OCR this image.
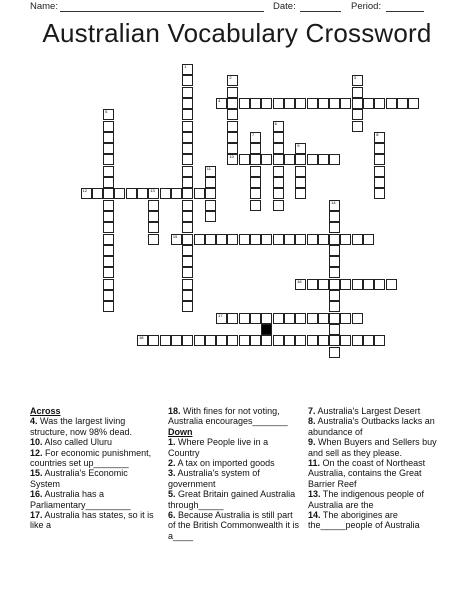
Name:	Date:	Period:
Australian Vocabulary Crossword
1
2	3
4
5
6
7	8
9
10
11
12	13
14
15
16
17
18
Across
4. Was the largest living structure, now 98% dead.
10. Also called Uluru
12. For economic punishment, countries set up_______
15. Australia's Economic System
16. Australia has a Parliamentary_________
17. Australia has states, so it is like a
18. With fines for not voting, Australia encourages_______
Down
1. Where People live in a Country
2. A tax on imported goods
3. Australia's system of government
5. Great Britain gained Australia through_____
6. Because Australia is still part of the British Commonwealth it is a____
7. Australia's Largest Desert
8. Australia's Outbacks lacks an abundance of
9. When Buyers and Sellers buy and sell as they please.
11. On the coast of Northeast Australia, contains the Great Barrier Reef
13. The indigenous people of Australia are the
14. The aborigines are the_____people of Australia
